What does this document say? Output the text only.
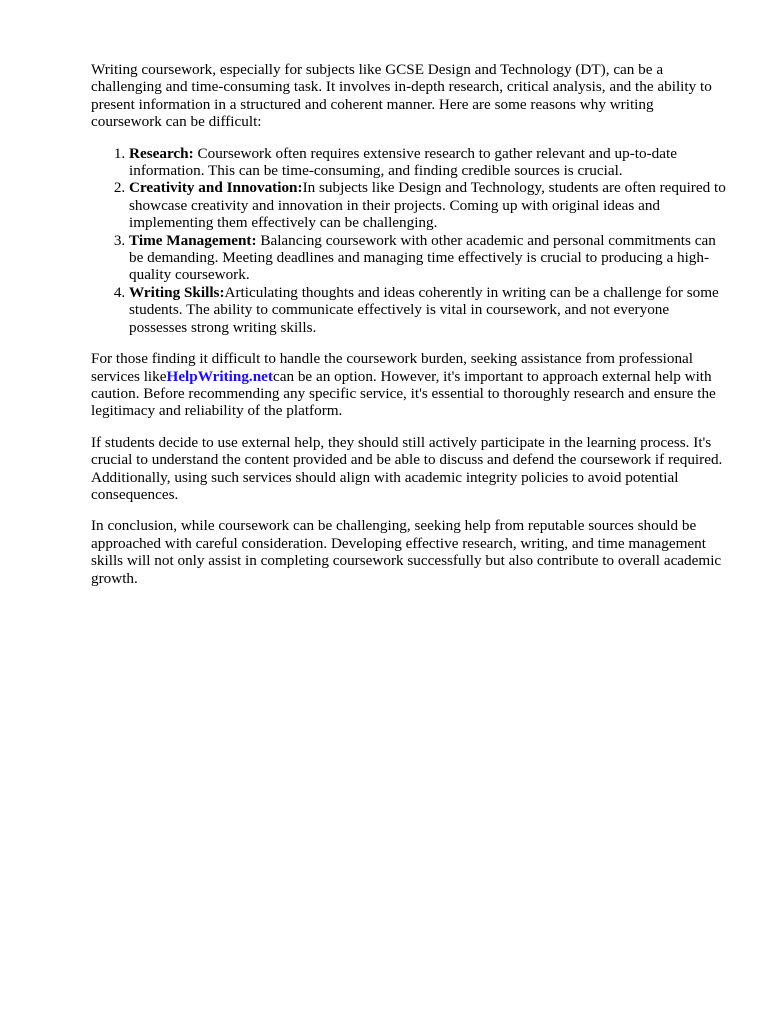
Writing coursework, especially for subjects like GCSE Design and Technology (DT), can be a challenging and time-consuming task. It involves in-depth research, critical analysis, and the ability to present information in a structured and coherent manner. Here are some reasons why writing coursework can be difficult:

1. Research: Coursework often requires extensive research to gather relevant and up-to-date information. This can be time-consuming, and finding credible sources is crucial.
2. Creativity and Innovation:In subjects like Design and Technology, students are often required to showcase creativity and innovation in their projects. Coming up with original ideas and implementing them effectively can be challenging.
3. Time Management: Balancing coursework with other academic and personal commitments can be demanding. Meeting deadlines and managing time effectively is crucial to producing a high-quality coursework.
4. Writing Skills:Articulating thoughts and ideas coherently in writing can be a challenge for some students. The ability to communicate effectively is vital in coursework, and not everyone possesses strong writing skills.

For those finding it difficult to handle the coursework burden, seeking assistance from professional services likeHelpWriting.netcan be an option. However, it's important to approach external help with caution. Before recommending any specific service, it's essential to thoroughly research and ensure the legitimacy and reliability of the platform.

If students decide to use external help, they should still actively participate in the learning process. It's crucial to understand the content provided and be able to discuss and defend the coursework if required. Additionally, using such services should align with academic integrity policies to avoid potential consequences.

In conclusion, while coursework can be challenging, seeking help from reputable sources should be approached with careful consideration. Developing effective research, writing, and time management skills will not only assist in completing coursework successfully but also contribute to overall academic growth.
